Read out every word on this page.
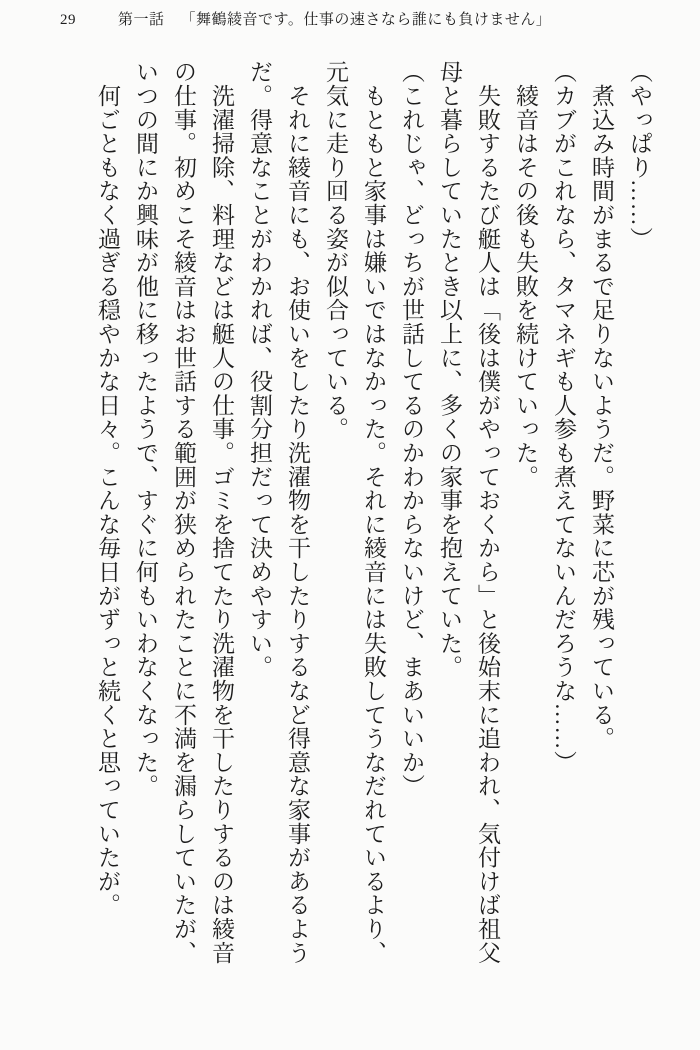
29	第一話 「舞鶴綾音です。仕事の速さなら誰にも負けません」

（やっぱり……）

　煮込み時間がまるで足りないようだ。野菜に芯が残っている。

（カブがこれなら、タマネギも人参も煮えてないんだろうな……）

　綾音はその後も失敗を続けていった。

　失敗するたび艇人は「後は僕がやっておくから」と後始末に追われ、気付けば祖父

母と暮らしていたとき以上に、多くの家事を抱えていた。

（これじゃ、どっちが世話してるのかわからないけど、まあいいか）

　もともと家事は嫌いではなかった。それに綾音には失敗してうなだれているより、

元気に走り回る姿が似合っている。

　それに綾音にも、お使いをしたり洗濯物を干したりするなど得意な家事があるよう

だ。得意なことがわかれば、役割分担だって決めやすい。

　洗濯掃除、料理などは艇人の仕事。ゴミを捨てたり洗濯物を干したりするのは綾音

の仕事。初めこそ綾音はお世話する範囲が狭められたことに不満を漏らしていたが、

いつの間にか興味が他に移ったようで、すぐに何もいわなくなった。

　何ごともなく過ぎる穏やかな日々。こんな毎日がずっと続くと思っていたが。
